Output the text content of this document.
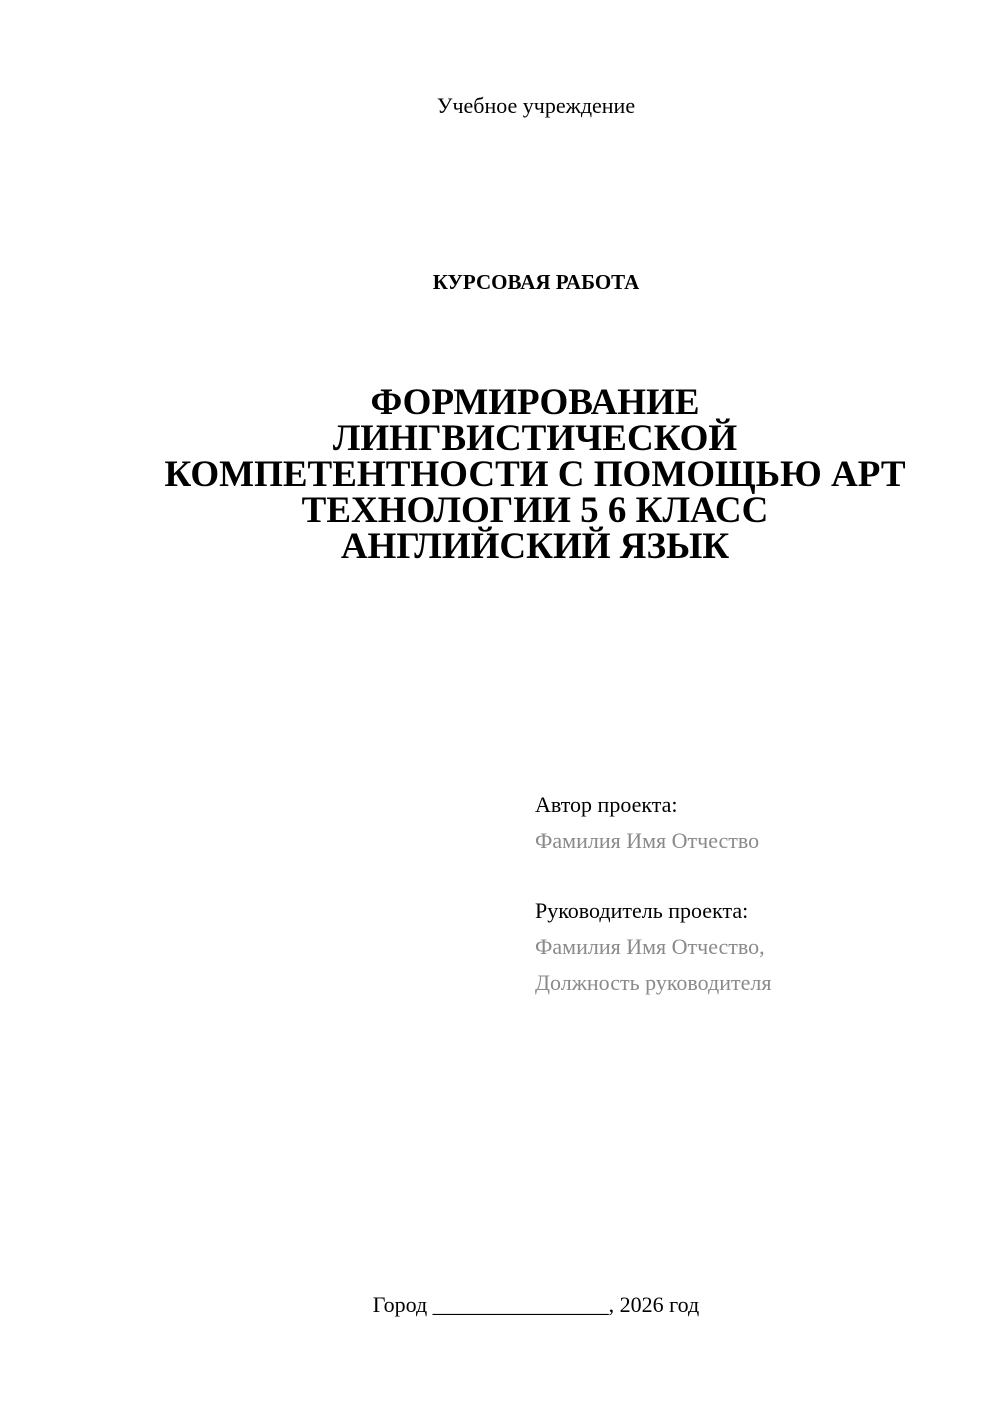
Учебное учреждение
КУРСОВАЯ РАБОТА
ФОРМИРОВАНИЕ
ЛИНГВИСТИЧЕСКОЙ
КОМПЕТЕНТНОСТИ С ПОМОЩЬЮ АРТ
ТЕХНОЛОГИИ 5 6 КЛАСС
АНГЛИЙСКИЙ ЯЗЫК
Автор проекта:
Фамилия Имя Отчество
Руководитель проекта:
Фамилия Имя Отчество,
Должность руководителя
Город ________________, 2026 год
